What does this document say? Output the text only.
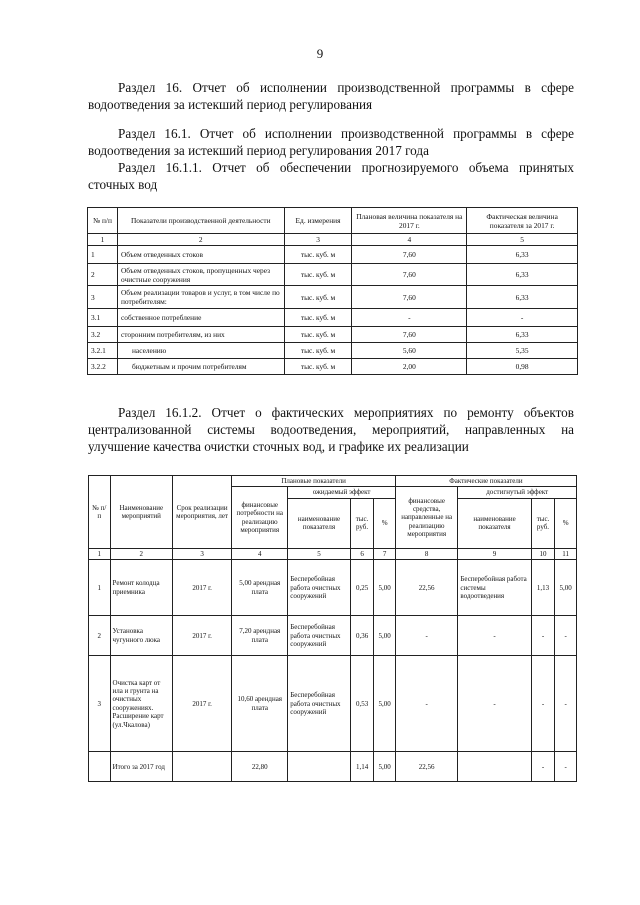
9
Раздел 16. Отчет об исполнении производственной программы в сфере водоотведения за истекший период регулирования
Раздел 16.1. Отчет об исполнении производственной программы в сфере водоотведения за истекший период регулирования 2017 года
Раздел 16.1.1. Отчет об обеспечении прогнозируемого объема принятых сточных вод
№ п/п	Показатели производственной деятельности	Ед. измерения	Плановая величина показателя на 2017 г.	Фактическая величина показателя за 2017 г.
1	2	3	4	5
1	Объем отведенных стоков	тыс. куб. м	7,60	6,33
2	Объем отведенных стоков, пропущенных через очистные сооружения	тыс. куб. м	7,60	6,33
3	Объем реализации товаров и услуг, в том числе по потребителям:	тыс. куб. м	7,60	6,33
3.1	собственное потребление	тыс. куб. м	-	-
3.2	сторонним потребителям, из них	тыс. куб. м	7,60	6,33
3.2.1	населению	тыс. куб. м	5,60	5,35
3.2.2	бюджетным и прочим потребителям	тыс. куб. м	2,00	0,98
Раздел 16.1.2. Отчет о фактических мероприятиях по ремонту объектов централизованной системы водоотведения, мероприятий, направленных на улучшение качества очистки сточных вод, и графике их реализации
№ п/ п	Наименование мероприятий	Срок реализации мероприятия, лет	Плановые показатели				Фактические показатели			
			финансовые потребности на реализацию мероприятия	ожидаемый эффект			финансовые средства, направленные на реализацию мероприятия	достигнутый эффект		
				наименование показателя	тыс. руб.	%		наименование показателя	тыс. руб.	%
1	2	3	4	5	6	7	8	9	10	11
1	Ремонт колодца приемника	2017 г.	5,00 арендная плата	Бесперебойная работа очистных сооружений	0,25	5,00	22,56	Бесперебойная работа системы водоотведения	1,13	5,00
2	Установка чугунного люка	2017 г.	7,20 арендная плата	Бесперебойная работа очистных сооружений	0,36	5,00	-	-	-	-
3	Очистка карт от ила и грунта на очистных сооружениях. Расширение карт (ул.Чкалова)	2017 г.	10,60 арендная плата	Бесперебойная работа очистных сооружений	0,53	5,00	-	-	-	-
	Итого за 2017 год		22,80		1,14	5,00	22,56		-	-
